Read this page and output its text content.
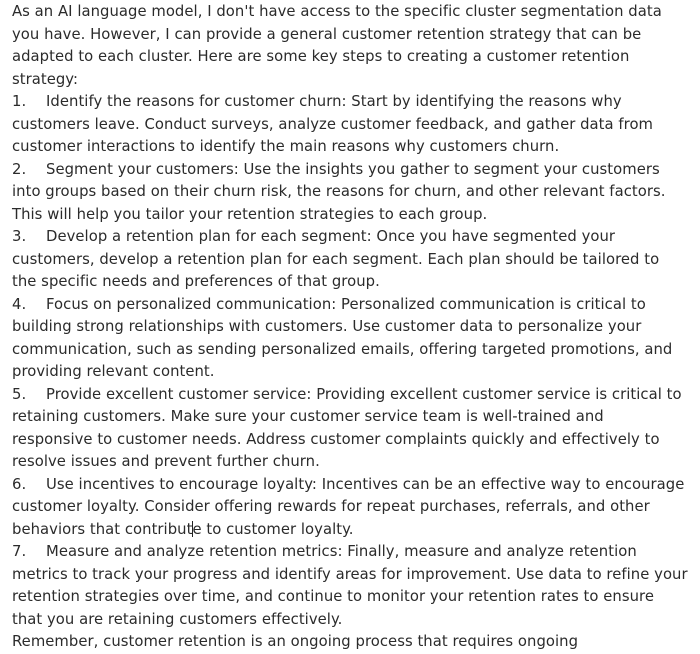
As an AI language model, I don't have access to the specific cluster segmentation data you have. However, I can provide a general customer retention strategy that can be adapted to each cluster. Here are some key steps to creating a customer retention strategy:

1. Identify the reasons for customer churn: Start by identifying the reasons why customers leave. Conduct surveys, analyze customer feedback, and gather data from customer interactions to identify the main reasons why customers churn.

2. Segment your customers: Use the insights you gather to segment your customers into groups based on their churn risk, the reasons for churn, and other relevant factors. This will help you tailor your retention strategies to each group.

3. Develop a retention plan for each segment: Once you have segmented your customers, develop a retention plan for each segment. Each plan should be tailored to the specific needs and preferences of that group.

4. Focus on personalized communication: Personalized communication is critical to building strong relationships with customers. Use customer data to personalize your communication, such as sending personalized emails, offering targeted promotions, and providing relevant content.

5. Provide excellent customer service: Providing excellent customer service is critical to retaining customers. Make sure your customer service team is well-trained and responsive to customer needs. Address customer complaints quickly and effectively to resolve issues and prevent further churn.

6. Use incentives to encourage loyalty: Incentives can be an effective way to encourage customer loyalty. Consider offering rewards for repeat purchases, referrals, and other behaviors that contribute to customer loyalty.

7. Measure and analyze retention metrics: Finally, measure and analyze retention metrics to track your progress and identify areas for improvement. Use data to refine your retention strategies over time, and continue to monitor your retention rates to ensure that you are retaining customers effectively.

Remember, customer retention is an ongoing process that requires ongoing
